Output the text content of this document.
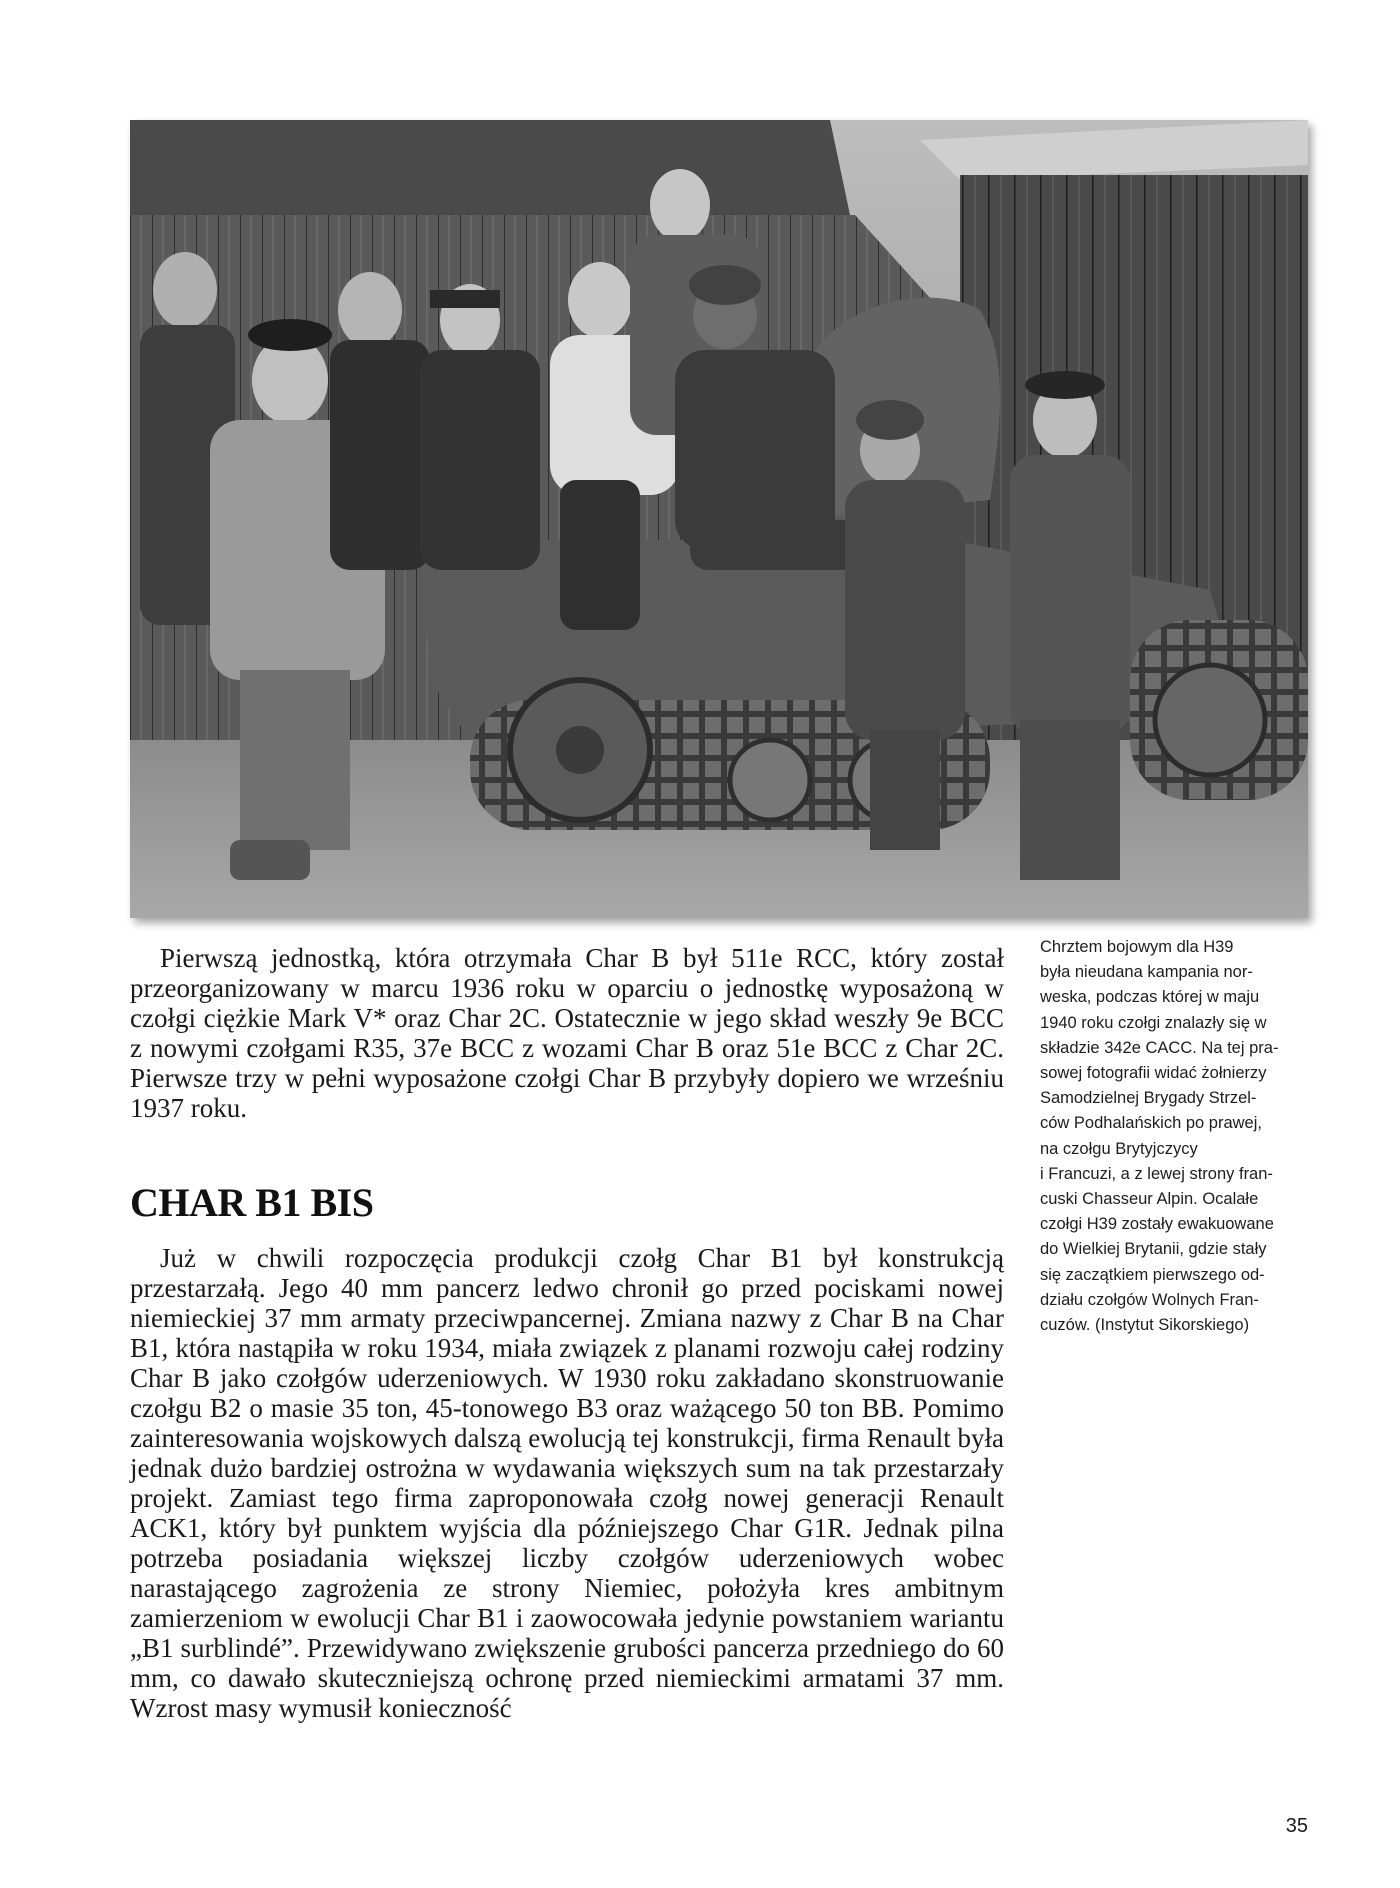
Chrztem bojowym dla H39
była nieudana kampania nor-
weska, podczas której w maju
1940 roku czołgi znalazły się w
składzie 342e CACC. Na tej pra-
sowej fotografii widać żołnierzy
Samodzielnej Brygady Strzel-
ców Podhalańskich po prawej,
na czołgu Brytyjczycy
i Francuzi, a z lewej strony fran-
cuski Chasseur Alpin. Ocalałe
czołgi H39 zostały ewakuowane
do Wielkiej Brytanii, gdzie stały
się zaczątkiem pierwszego od-
działu czołgów Wolnych Fran-
cuzów. (Instytut Sikorskiego)

Pierwszą jednostką, która otrzymała Char B był 511e RCC, który został przeorganizowany w marcu 1936 roku w oparciu o jednostkę wyposażoną w czołgi ciężkie Mark V* oraz Char 2C. Ostatecznie w jego skład weszły 9e BCC z nowymi czołgami R35, 37e BCC z wozami Char B oraz 51e BCC z Char 2C. Pierwsze trzy w pełni wyposażone czołgi Char B przybyły dopiero we wrześniu 1937 roku.

CHAR B1 BIS

Już w chwili rozpoczęcia produkcji czołg Char B1 był konstrukcją przestarzałą. Jego 40 mm pancerz ledwo chronił go przed pociskami nowej niemieckiej 37 mm armaty przeciwpancernej. Zmiana nazwy z Char B na Char B1, która nastąpiła w roku 1934, miała związek z planami rozwoju całej rodziny Char B jako czołgów uderzeniowych. W 1930 roku zakładano skonstruowanie czołgu B2 o masie 35 ton, 45-tonowego B3 oraz ważącego 50 ton BB. Pomimo zainteresowania wojskowych dalszą ewolucją tej konstrukcji, firma Renault była jednak dużo bardziej ostrożna w wydawania większych sum na tak przestarzały projekt. Zamiast tego firma zaproponowała czołg nowej generacji Renault ACK1, który był punktem wyjścia dla późniejszego Char G1R. Jednak pilna potrzeba posiadania większej liczby czołgów uderzeniowych wobec narastającego zagrożenia ze strony Niemiec, położyła kres ambitnym zamierzeniom w ewolucji Char B1 i zaowocowała jedynie powstaniem wariantu „B1 surblindé”. Przewidywano zwiększenie grubości pancerza przedniego do 60 mm, co dawało skuteczniejszą ochronę przed niemieckimi armatami 37 mm. Wzrost masy wymusił konieczność

35
